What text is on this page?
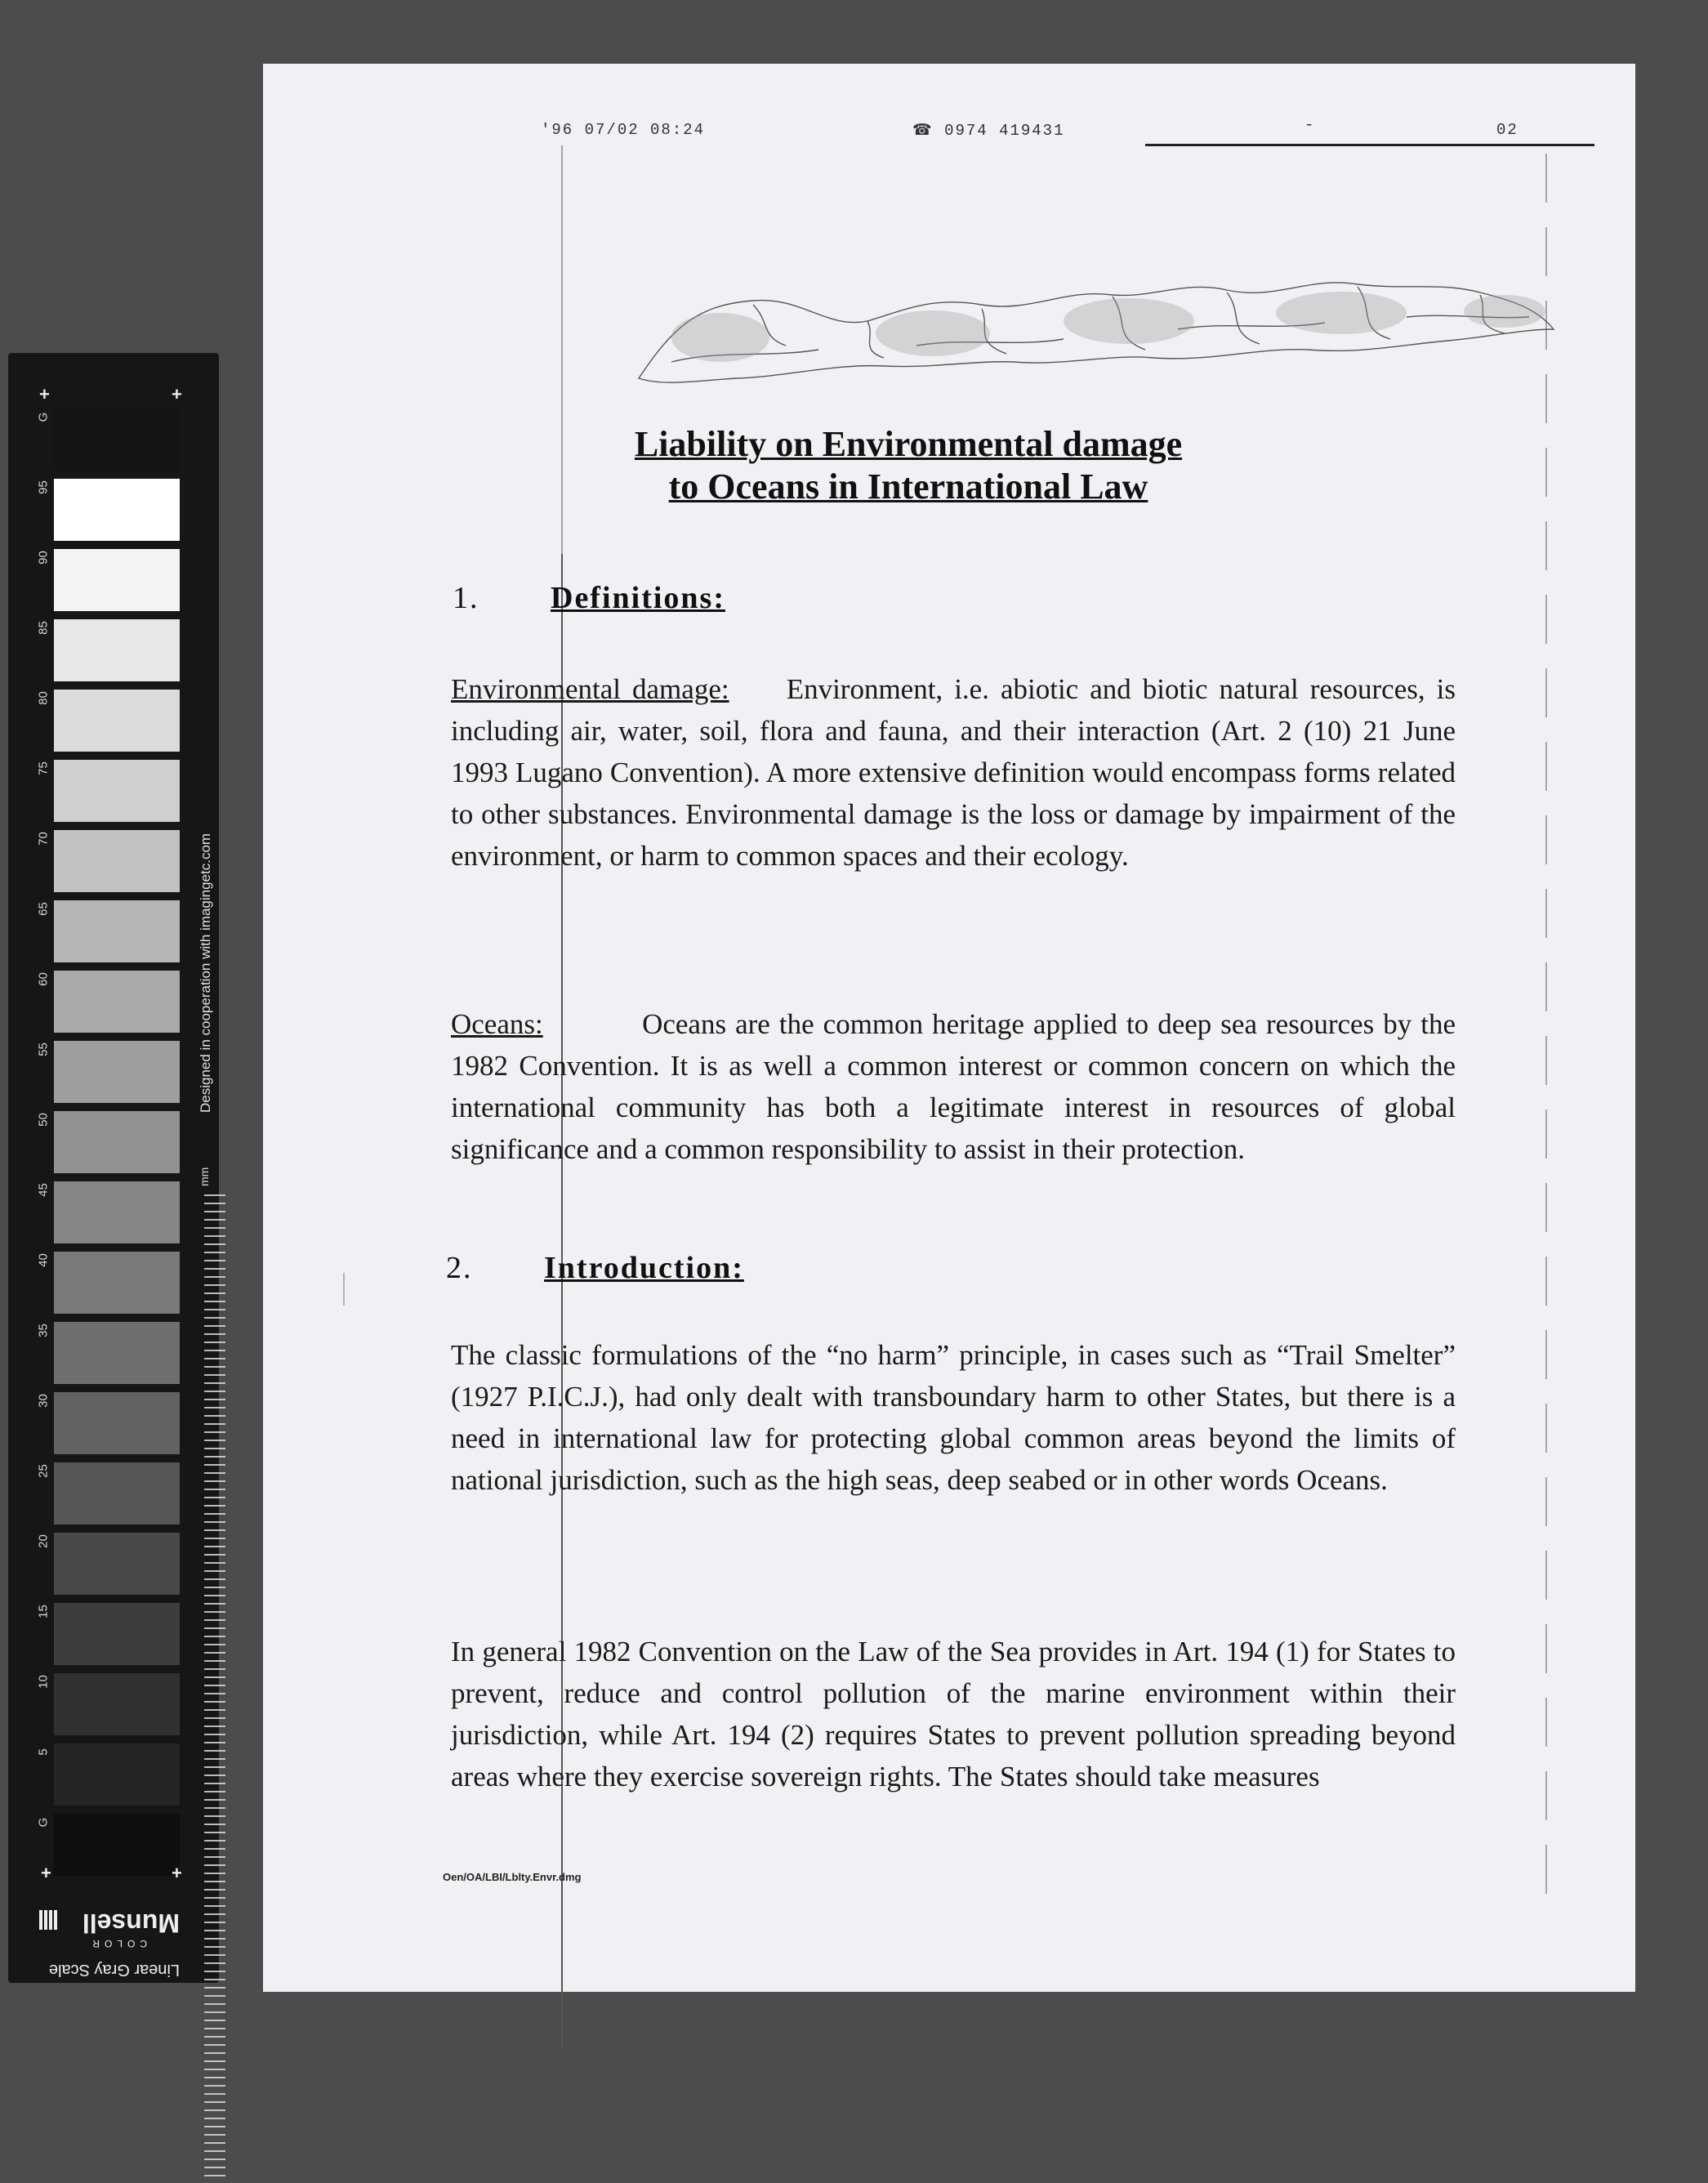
+	+
G
95
90
85
80
75
70
65
60
55
50
45
40
35
30
25
20
15
10
5
G
Designed in cooperation with imagingetc.com
mm
+	+
Linear Gray Scale
COLOR
Munsell
'96 07/02 08:24	☎ 0974 419431	-	02
Liability on Environmental damage
to Oceans in International Law
1. Definitions:
Environmental damage: Environment, i.e. abiotic and biotic natural resources, is including air, water, soil, flora and fauna, and their interaction (Art. 2 (10) 21 June 1993 Lugano Convention). A more extensive definition would encompass forms related to other substances. Environmental damage is the loss or damage by impairment of the environment, or harm to common spaces and their ecology.
Oceans:	Oceans are the common heritage applied to deep sea resources by the 1982 Convention. It is as well a common interest or common concern on which the international community has both a legitimate interest in resources of global significance and a common responsibility to assist in their protection.
2. Introduction:
The classic formulations of the “no harm” principle, in cases such as “Trail Smelter” (1927 P.I.C.J.), had only dealt with transboundary harm to other States, but there is a need in international law for protecting global common areas beyond the limits of national jurisdiction, such as the high seas, deep seabed or in other words Oceans.
In general 1982 Convention on the Law of the Sea provides in Art. 194 (1) for States to prevent, reduce and control pollution of the marine environment within their jurisdiction, while Art. 194 (2) requires States to prevent pollution spreading beyond areas where they exercise sovereign rights. The States should take measures
Oen/OA/LBI/Lblty.Envr.dmg
